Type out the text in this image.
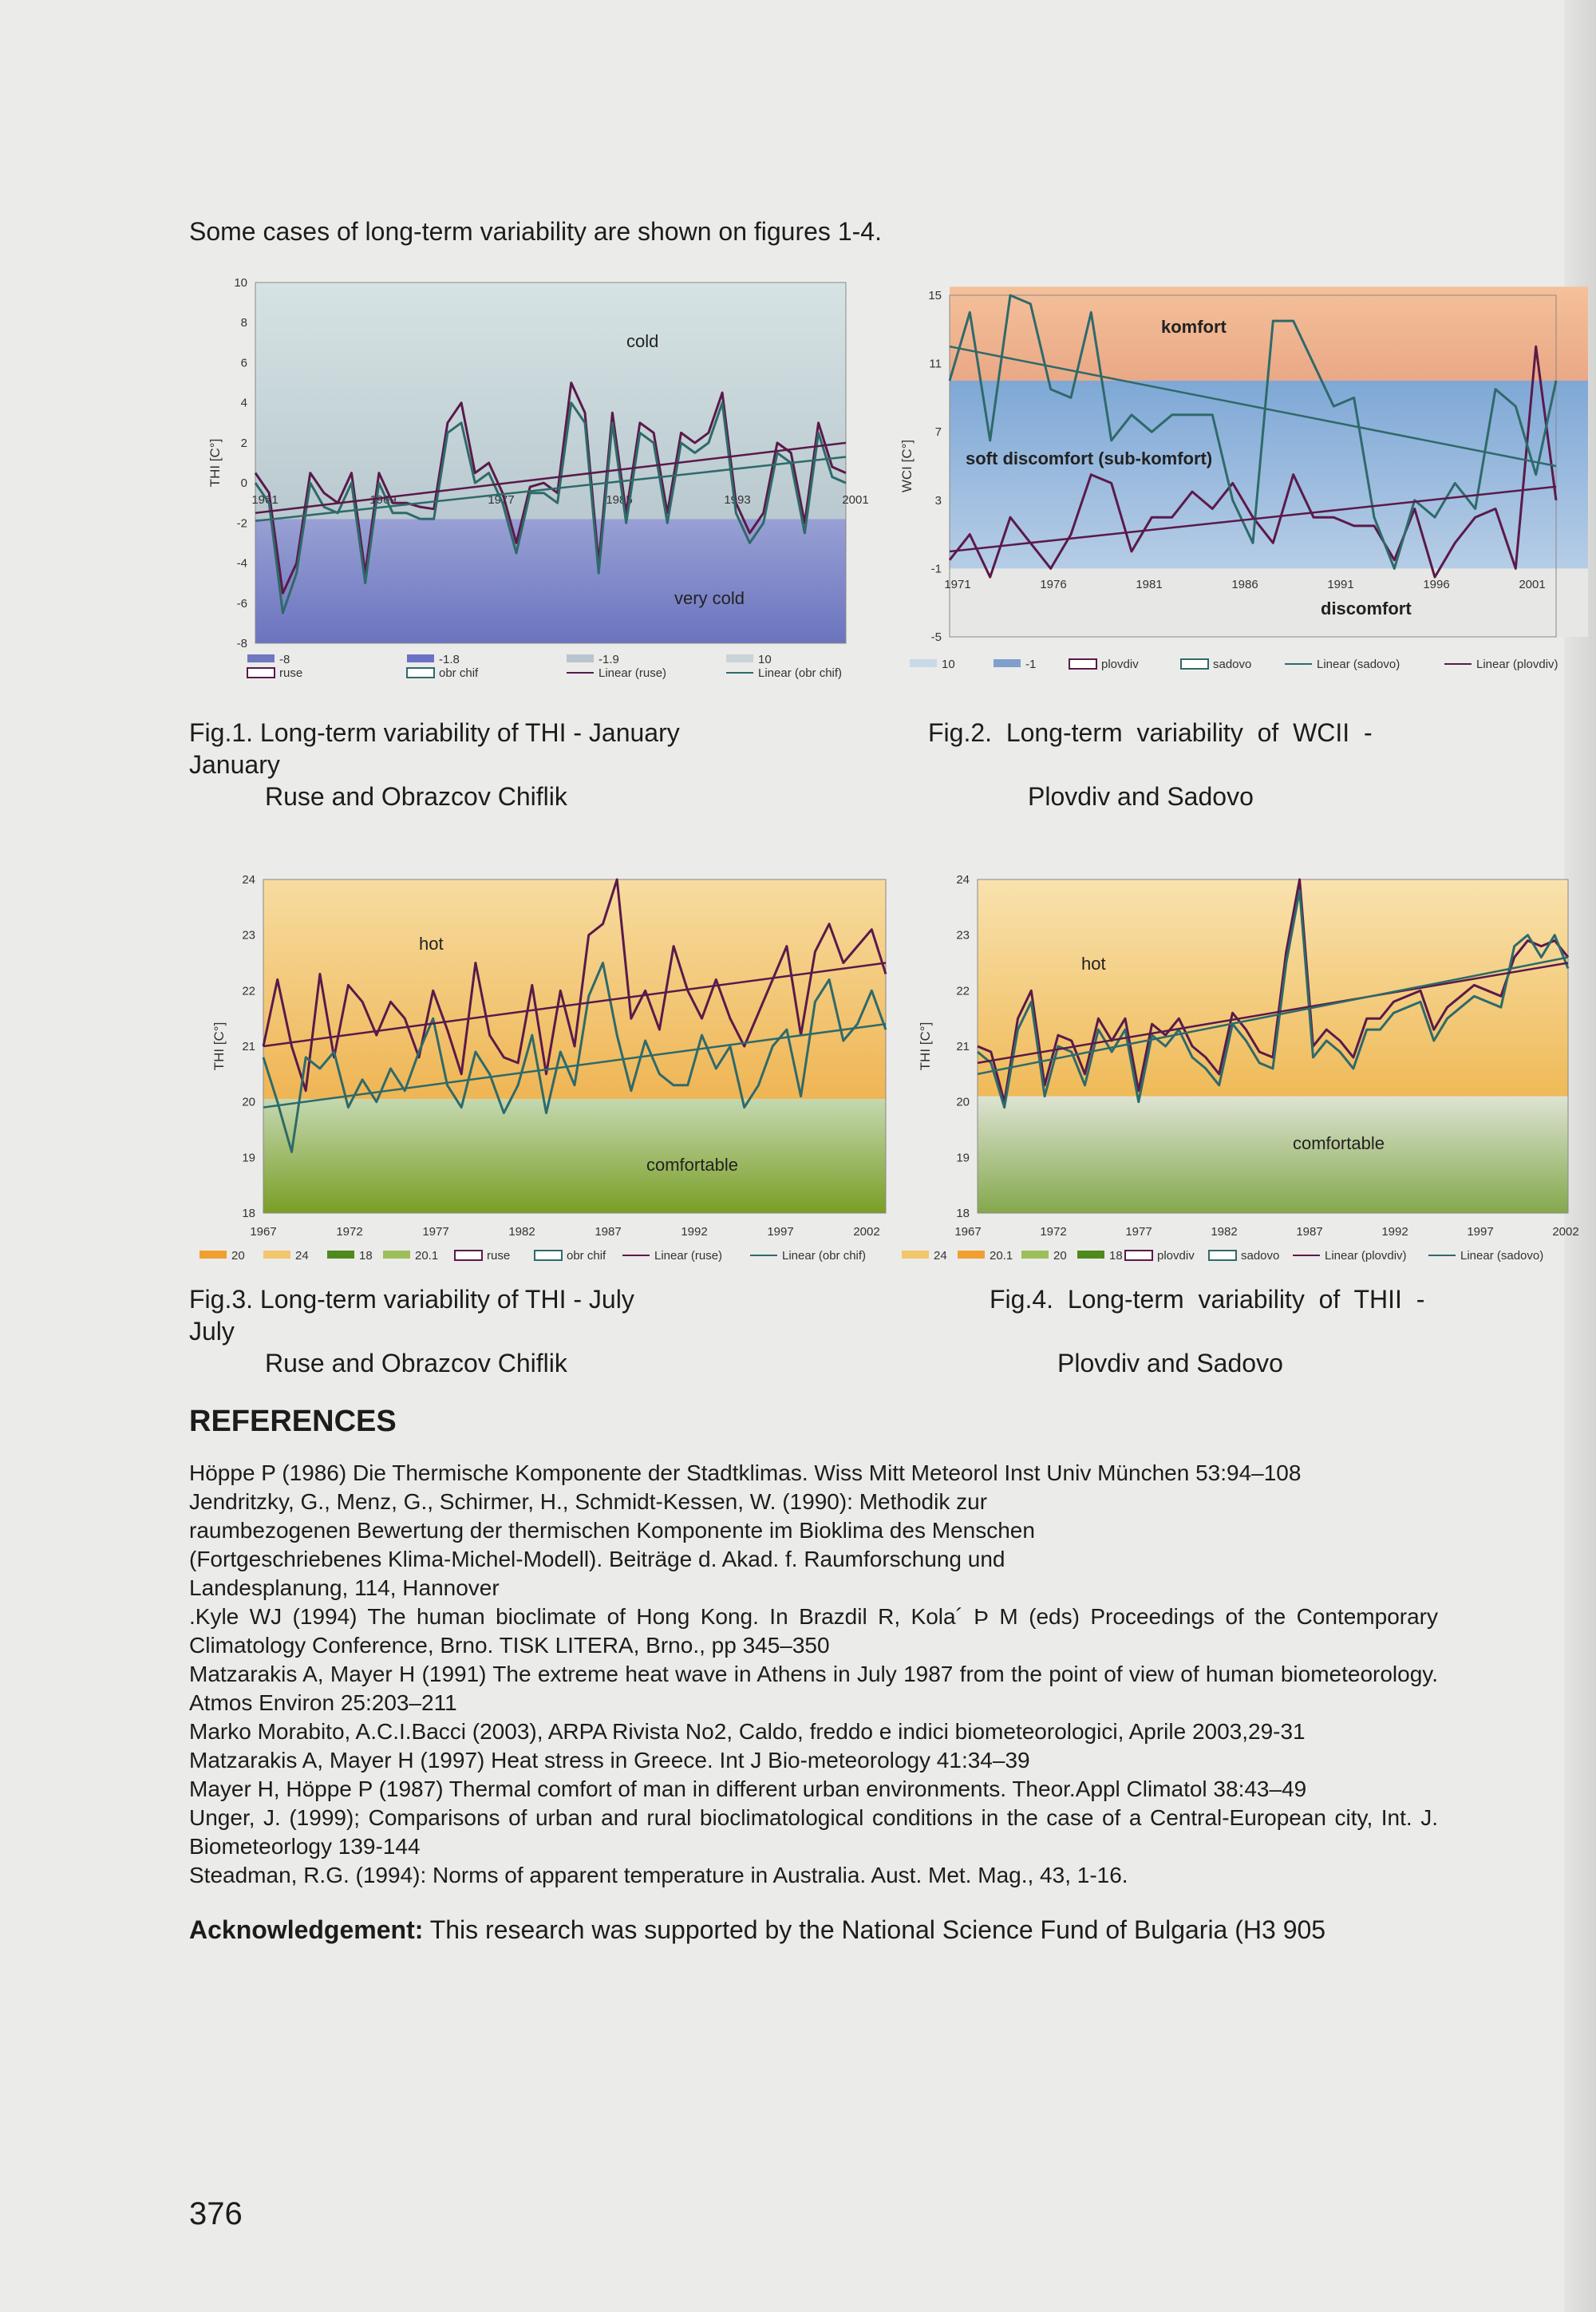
Some cases of long-term variability are shown on figures 1-4.
10
8
6
4
2
0
-2
-4
-6
-8
THI [C°]
1961	1969	1977	1985	1993	2001
cold
very cold
-8	-1.8	-1.9	10
ruse	obr chif	Linear (ruse)	Linear (obr chif)
Fig.1. Long-term variability of THI - January
January
Ruse and Obrazcov Chiflik
15
11
7
3
-1
-5
WCI [C°]
1971	1976	1981	1986	1991	1996	2001
komfort
soft discomfort (sub-komfort)
discomfort
10	-1	plovdiv	sadovo	Linear (sadovo)	Linear (plovdiv)
Fig.2.  Long-term  variability  of  WCII  -
Plovdiv and Sadovo
24
23
22
21
20
19
18
THI [C°]
1967	1972	1977	1982	1987	1992	1997	2002
hot
comfortable
20	24	18	20.1	ruse	obr chif	Linear (ruse)	Linear (obr chif)
Fig.3. Long-term variability of THI - July
July
Ruse and Obrazcov Chiflik
24
23
22
21
20
19
18
THI [C°]
1967	1972	1977	1982	1987	1992	1997	2002
hot
comfortable
24	20.1	20	18	plovdiv	sadovo	Linear (plovdiv)	Linear (sadovo)
Fig.4.  Long-term  variability  of  THII  -
Plovdiv and Sadovo
REFERENCES

Höppe P (1986) Die Thermische Komponente der Stadtklimas. Wiss Mitt Meteorol Inst Univ München 53:94–108

Jendritzky, G., Menz, G., Schirmer, H., Schmidt-Kessen, W. (1990): Methodik zur

raumbezogenen Bewertung der thermischen Komponente im Bioklima des Menschen

(Fortgeschriebenes Klima-Michel-Modell). Beiträge d. Akad. f. Raumforschung und

Landesplanung, 114, Hannover

.Kyle WJ (1994) The human bioclimate of Hong Kong. In Brazdil R, Kola´ Þ M (eds) Proceedings of the Contemporary Climatology Conference, Brno. TISK LITERA, Brno., pp 345–350

Matzarakis A, Mayer H (1991) The extreme heat wave in Athens in July 1987 from the point of view of human biometeorology. Atmos Environ 25:203–211

Marko Morabito, A.C.I.Bacci (2003), ARPA Rivista No2, Caldo, freddo e indici biometeorologici, Aprile 2003,29-31

Matzarakis A, Mayer H (1997) Heat stress in Greece. Int J Bio-meteorology 41:34–39

Mayer H, Höppe P (1987) Thermal comfort of man in different urban environments. Theor.Appl Climatol 38:43–49

Unger, J. (1999); Comparisons of urban and rural bioclimatological conditions in the case of a Central-European city, Int. J. Biometeorlogy 139-144

Steadman, R.G. (1994): Norms of apparent temperature in Australia. Aust. Met. Mag., 43, 1-16.

Acknowledgement: This research was supported by the National Science Fund of Bulgaria (H3 905
376
